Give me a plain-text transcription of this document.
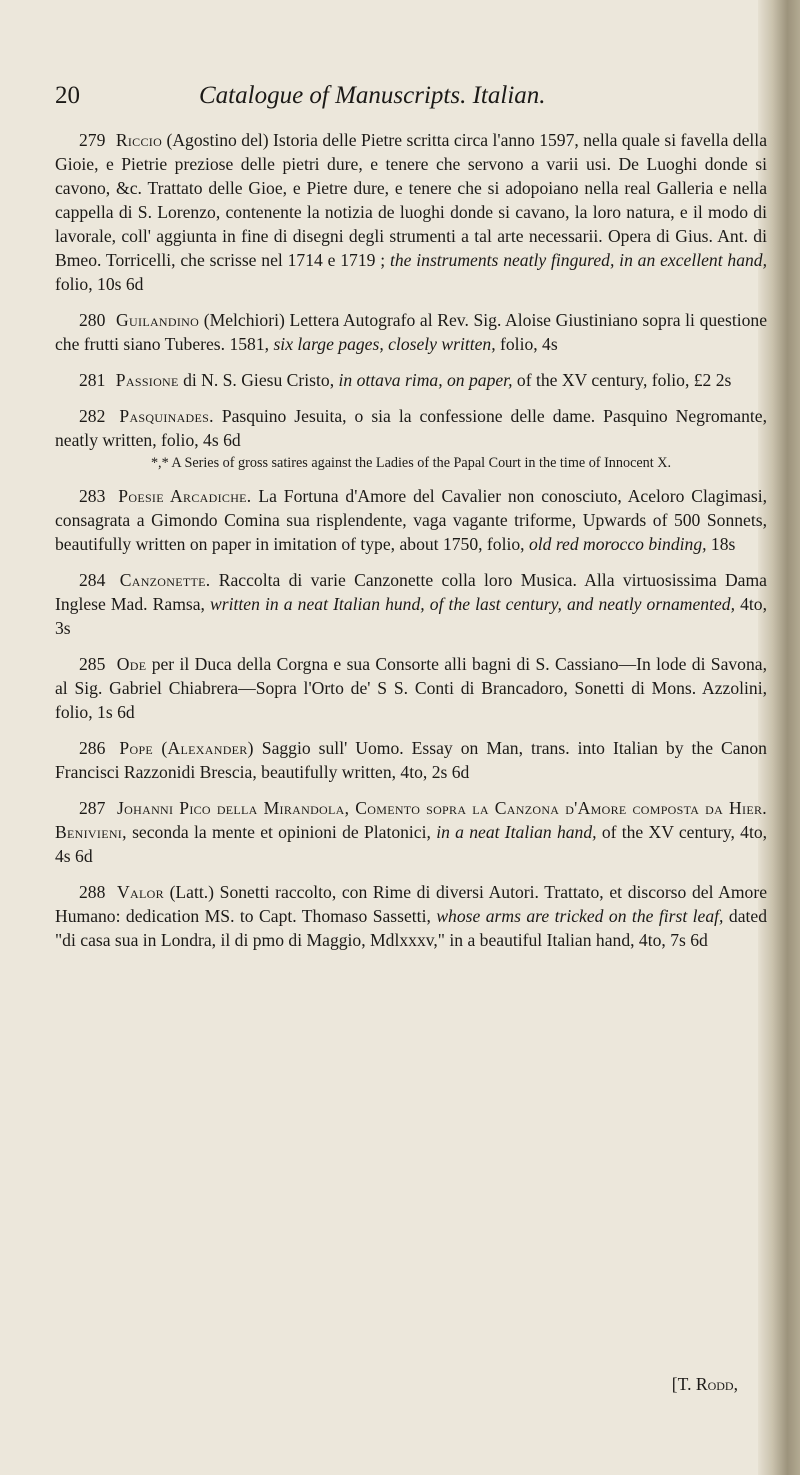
20	Catalogue of Manuscripts. Italian.

279 Riccio (Agostino del) Istoria delle Pietre scritta circa l'anno 1597, nella quale si favella della Gioie, e Pietrie preziose delle pietri dure, e tenere che servono a varii usi. De Luoghi donde si cavono, &c. Trattato delle Gioe, e Pietre dure, e tenere che si adopoiano nella real Galleria e nella cappella di S. Lorenzo, contenente la notizia de luoghi donde si cavano, la loro natura, e il modo di lavorale, coll' aggiunta in fine di disegni degli strumenti a tal arte necessarii. Opera di Gius. Ant. di Bmeo. Torricelli, che scrisse nel 1714 e 1719 ; the instruments neatly fingured, in an excellent hand, folio, 10s 6d

280 Guilandino (Melchiori) Lettera Autografo al Rev. Sig. Aloise Giustiniano sopra li questione che frutti siano Tuberes. 1581, six large pages, closely written, folio, 4s

281 Passione di N. S. Giesu Cristo, in ottava rima, on paper, of the XV century, folio, £2 2s

282 Pasquinades. Pasquino Jesuita, o sia la confessione delle dame. Pasquino Negromante, neatly written, folio, 4s 6d

*,* A Series of gross satires against the Ladies of the Papal Court in the time of Innocent X.

283 Poesie Arcadiche. La Fortuna d'Amore del Cavalier non conosciuto, Aceloro Clagimasi, consagrata a Gimondo Comina sua risplendente, vaga vagante triforme, Upwards of 500 Sonnets, beautifully written on paper in imitation of type, about 1750, folio, old red morocco binding, 18s

284 Canzonette. Raccolta di varie Canzonette colla loro Musica. Alla virtuosissima Dama Inglese Mad. Ramsa, written in a neat Italian hund, of the last century, and neatly ornamented, 4to, 3s

285 Ode per il Duca della Corgna e sua Consorte alli bagni di S. Cassiano—In lode di Savona, al Sig. Gabriel Chiabrera—Sopra l'Orto de' S S. Conti di Brancadoro, Sonetti di Mons. Azzolini, folio, 1s 6d

286 Pope (Alexander) Saggio sull' Uomo. Essay on Man, trans. into Italian by the Canon Francisci Razzonidi Brescia, beautifully written, 4to, 2s 6d

287 Johanni Pico della Mirandola, Comento sopra la Canzona d'Amore composta da Hier. Benivieni, seconda la mente et opinioni de Platonici, in a neat Italian hand, of the XV century, 4to, 4s 6d

288 Valor (Latt.) Sonetti raccolto, con Rime di diversi Autori. Trattato, et discorso del Amore Humano: dedication MS. to Capt. Thomaso Sassetti, whose arms are tricked on the first leaf, dated "di casa sua in Londra, il di pmo di Maggio, Mdlxxxv," in a beautiful Italian hand, 4to, 7s 6d

[T. Rodd,
